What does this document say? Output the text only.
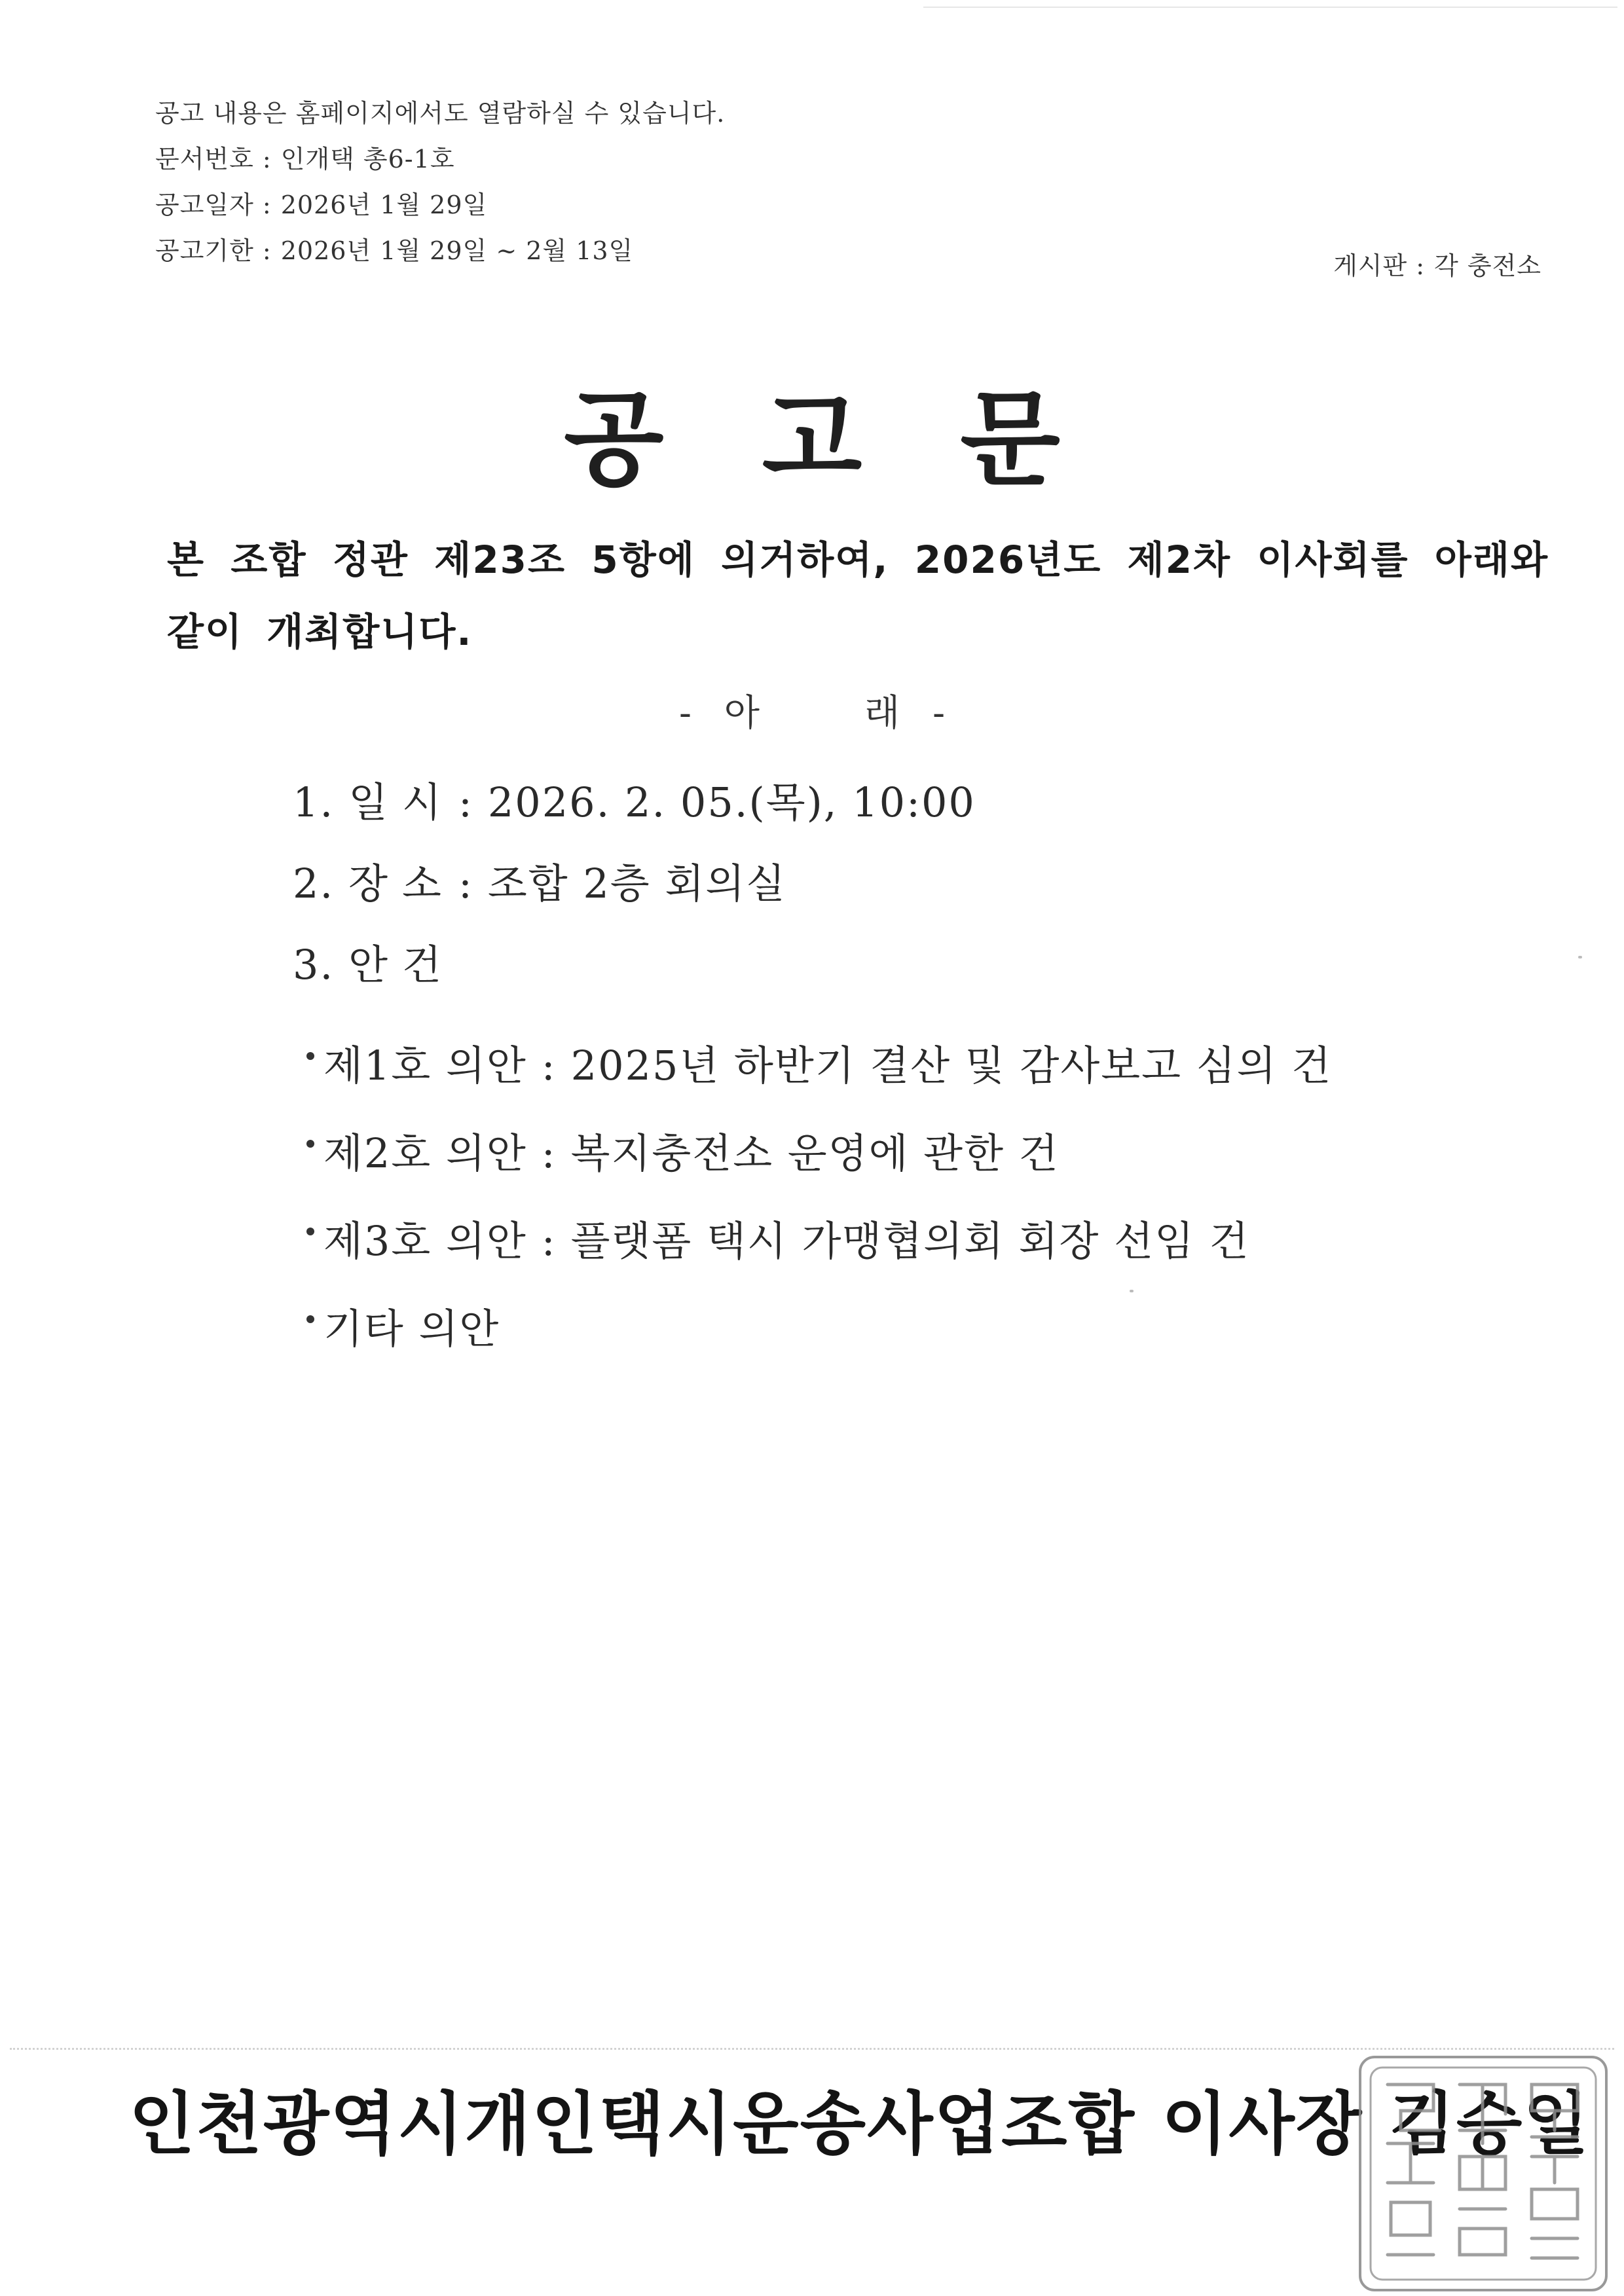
공고 내용은 홈페이지에서도 열람하실 수 있습니다.
문서번호 : 인개택 총6-1호
공고일자 : 2026년 1월 29일
공고기한 : 2026년 1월 29일 ~ 2월 13일
게시판 : 각 충전소
공고문
본 조합 정관 제23조 5항에 의거하여, 2026년도 제2차 이사회를 아래와 같이 개최합니다.
- 아	래 -
1. 일시: 2026. 2. 05.(목), 10:00
2. 장소: 조합 2층 회의실
3. 안건
제1호 의안 : 2025년 하반기 결산 및 감사보고 심의 건
제2호 의안 : 복지충전소 운영에 관한 건
제3호 의안 : 플랫폼 택시 가맹협의회 회장 선임 건
기타 의안
인천광역시개인택시운송사업조합 이사장 김승일
